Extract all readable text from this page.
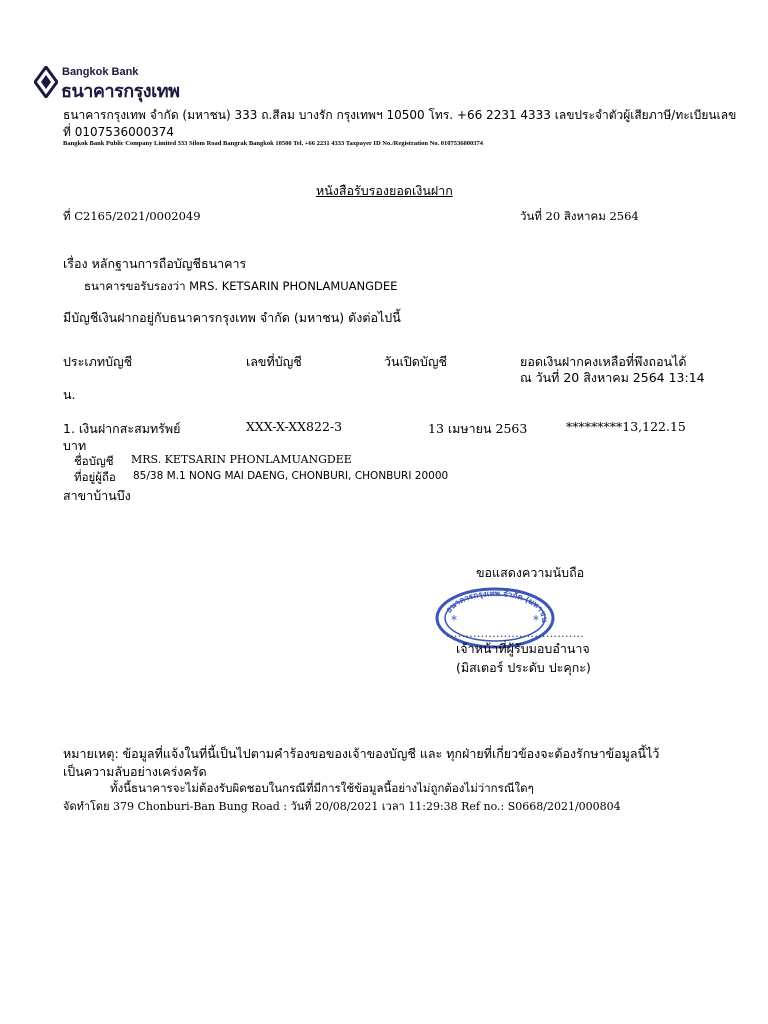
Bangkok Bank
ธนาคารกรุงเทพ
ธนาคารกรุงเทพ จำกัด (มหาชน) 333 ถ.สีลม บางรัก กรุงเทพฯ 10500 โทร. +66 2231 4333 เลขประจำตัวผู้เสียภาษี/ทะเบียนเลข
ที่ 0107536000374
Bangkok Bank Public Company Limited 333 Silom Road Bangrak Bangkok 10500 Tel. +66 2231 4333 Taxpayer ID No./Registration No. 0107536000374
หนังสือรับรองยอดเงินฝาก
ที่ C2165/2021/0002049	วันที่ 20 สิงหาคม 2564
เรื่อง หลักฐานการถือบัญชีธนาคาร
ธนาคารขอรับรองว่า MRS. KETSARIN PHONLAMUANGDEE
มีบัญชีเงินฝากอยู่กับธนาคารกรุงเทพ จำกัด (มหาชน) ดังต่อไปนี้
ประเภทบัญชี	เลขที่บัญชี	วันเปิดบัญชี	ยอดเงินฝากคงเหลือที่พึงถอนได้
ณ วันที่ 20 สิงหาคม 2564 13:14
น.
1. เงินฝากสะสมทรัพย์	XXX-X-XX822-3	13 เมษายน 2563	*********13,122.15
บาท
ชื่อบัญชี MRS. KETSARIN PHONLAMUANGDEE
ที่อยู่ผู้ถือ 85/38 M.1 NONG MAI DAENG, CHONBURI, CHONBURI 20000
สาขาบ้านบึง
ขอแสดงความนับถือ
ธนาคารกรุงเทพ จำกัด (มหาชน
*	*
………………………………
เจ้าหน้าที่ผู้รับมอบอำนาจ
(มิสเตอร์ ประดับ ปะคุกะ)
หมายเหตุ: ข้อมูลที่แจ้งในที่นี้เป็นไปตามคำร้องขอของเจ้าของบัญชี และ ทุกฝ่ายที่เกี่ยวข้องจะต้องรักษาข้อมูลนี้ไว้
เป็นความลับอย่างเคร่งครัด
ทั้งนี้ธนาคารจะไม่ต้องรับผิดชอบในกรณีที่มีการใช้ข้อมูลนี้อย่างไม่ถูกต้องไม่ว่ากรณีใดๆ
จัดทำโดย 379 Chonburi-Ban Bung Road : วันที่ 20/08/2021 เวลา 11:29:38 Ref no.: S0668/2021/000804
